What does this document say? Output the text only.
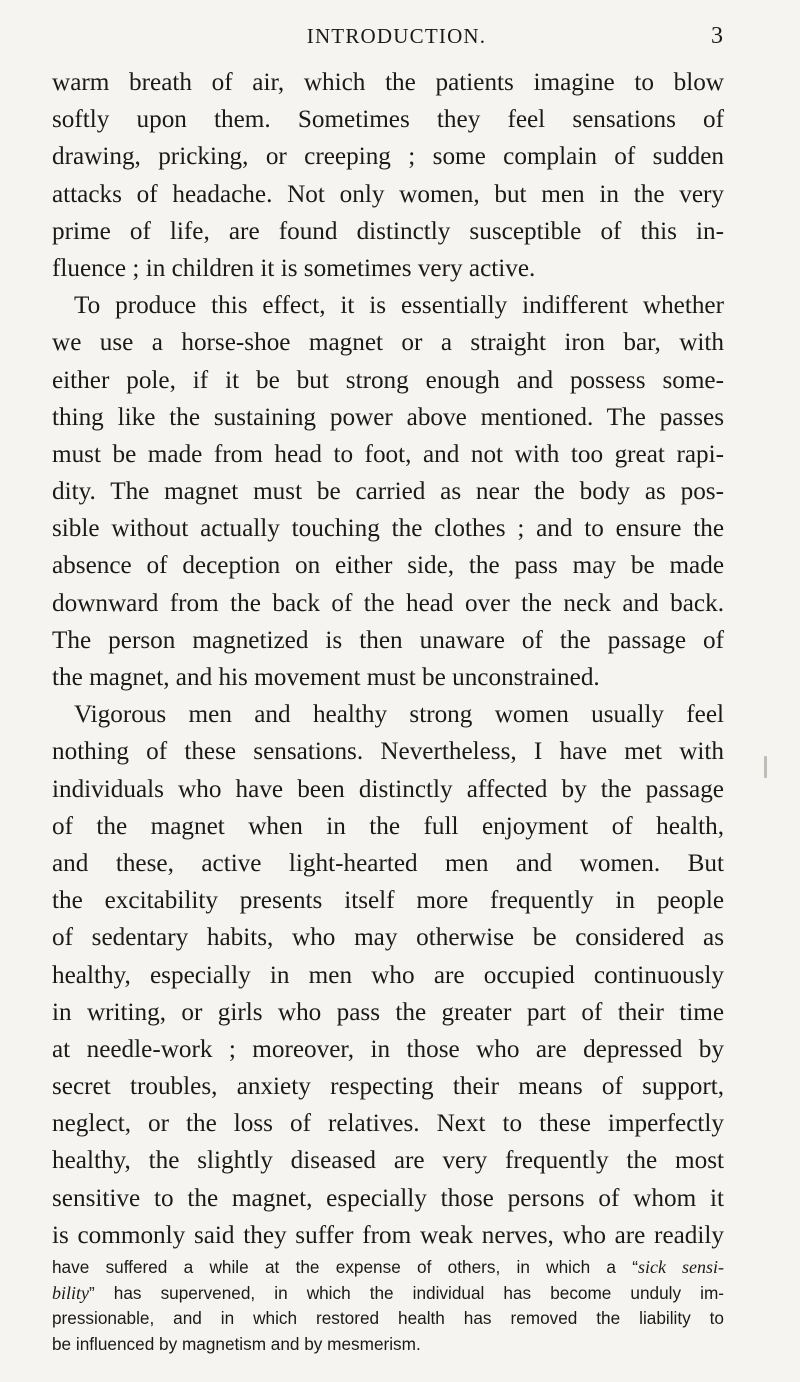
INTRODUCTION.	3
warm breath of air, which the patients imagine to blow
softly upon them. Sometimes they feel sensations of
drawing, pricking, or creeping ; some complain of sudden
attacks of headache. Not only women, but men in the very
prime of life, are found distinctly susceptible of this in-
fluence ; in children it is sometimes very active.
To produce this effect, it is essentially indifferent whether
we use a horse-shoe magnet or a straight iron bar, with
either pole, if it be but strong enough and possess some-
thing like the sustaining power above mentioned. The passes
must be made from head to foot, and not with too great rapi-
dity. The magnet must be carried as near the body as pos-
sible without actually touching the clothes ; and to ensure the
absence of deception on either side, the pass may be made
downward from the back of the head over the neck and back.
The person magnetized is then unaware of the passage of
the magnet, and his movement must be unconstrained.
Vigorous men and healthy strong women usually feel
nothing of these sensations. Nevertheless, I have met with
individuals who have been distinctly affected by the passage
of the magnet when in the full enjoyment of health,
and these, active light-hearted men and women. But
the excitability presents itself more frequently in people
of sedentary habits, who may otherwise be considered as
healthy, especially in men who are occupied continuously
in writing, or girls who pass the greater part of their time
at needle-work ; moreover, in those who are depressed by
secret troubles, anxiety respecting their means of support,
neglect, or the loss of relatives. Next to these imperfectly
healthy, the slightly diseased are very frequently the most
sensitive to the magnet, especially those persons of whom it
is commonly said they suffer from weak nerves, who are readily
have suffered a while at the expense of others, in which a “sick sensi-
bility” has supervened, in which the individual has become unduly im-
pressionable, and in which restored health has removed the liability to
be influenced by magnetism and by mesmerism.
